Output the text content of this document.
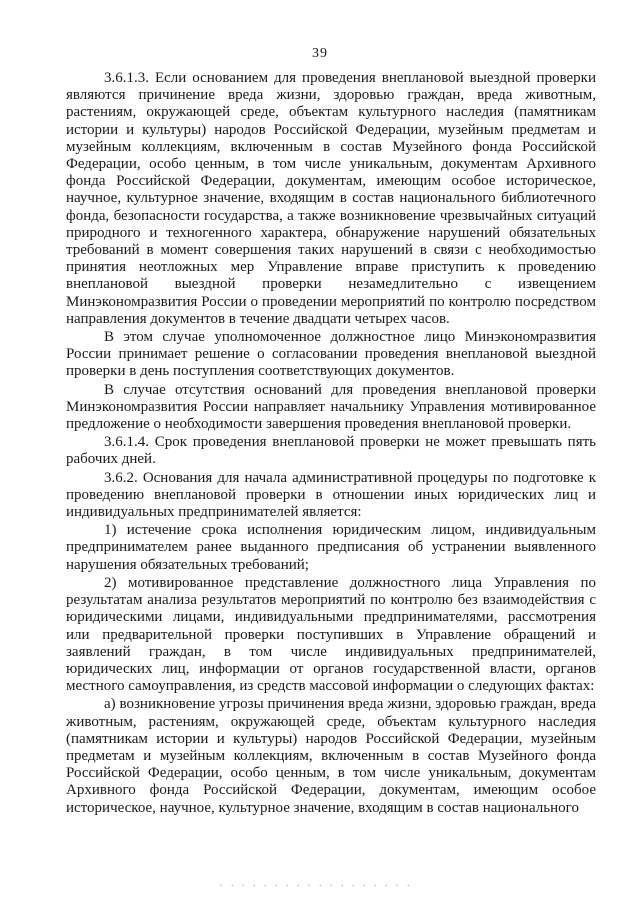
39

3.6.1.3. Если основанием для проведения внеплановой выездной проверки являются причинение вреда жизни, здоровью граждан, вреда животным, растениям, окружающей среде, объектам культурного наследия (памятникам истории и культуры) народов Российской Федерации, музейным предметам и музейным коллекциям, включенным в состав Музейного фонда Российской Федерации, особо ценным, в том числе уникальным, документам Архивного фонда Российской Федерации, документам, имеющим особое историческое, научное, культурное значение, входящим в состав национального библиотечного фонда, безопасности государства, а также возникновение чрезвычайных ситуаций природного и техногенного характера, обнаружение нарушений обязательных требований в момент совершения таких нарушений в связи с необходимостью принятия неотложных мер Управление вправе приступить к проведению внеплановой выездной проверки незамедлительно с извещением Минэкономразвития России о проведении мероприятий по контролю посредством направления документов в течение двадцати четырех часов.

В этом случае уполномоченное должностное лицо Минэкономразвития России принимает решение о согласовании проведения внеплановой выездной проверки в день поступления соответствующих документов.

В случае отсутствия оснований для проведения внеплановой проверки Минэкономразвития России направляет начальнику Управления мотивированное предложение о необходимости завершения проведения внеплановой проверки.

3.6.1.4. Срок проведения внеплановой проверки не может превышать пять рабочих дней.

3.6.2. Основания для начала административной процедуры по подготовке к проведению внеплановой проверки в отношении иных юридических лиц и индивидуальных предпринимателей является:

1) истечение срока исполнения юридическим лицом, индивидуальным предпринимателем ранее выданного предписания об устранении выявленного нарушения обязательных требований;

2) мотивированное представление должностного лица Управления по результатам анализа результатов мероприятий по контролю без взаимодействия с юридическими лицами, индивидуальными предпринимателями, рассмотрения или предварительной проверки поступивших в Управление обращений и заявлений граждан, в том числе индивидуальных предпринимателей, юридических лиц, информации от органов государственной власти, органов местного самоуправления, из средств массовой информации о следующих фактах:

а) возникновение угрозы причинения вреда жизни, здоровью граждан, вреда животным, растениям, окружающей среде, объектам культурного наследия (памятникам истории и культуры) народов Российской Федерации, музейным предметам и музейным коллекциям, включенным в состав Музейного фонда Российской Федерации, особо ценным, в том числе уникальным, документам Архивного фонда Российской Федерации, документам, имеющим особое историческое, научное, культурное значение, входящим в состав национального

. . . . . . . . . . . . . . . . . .
